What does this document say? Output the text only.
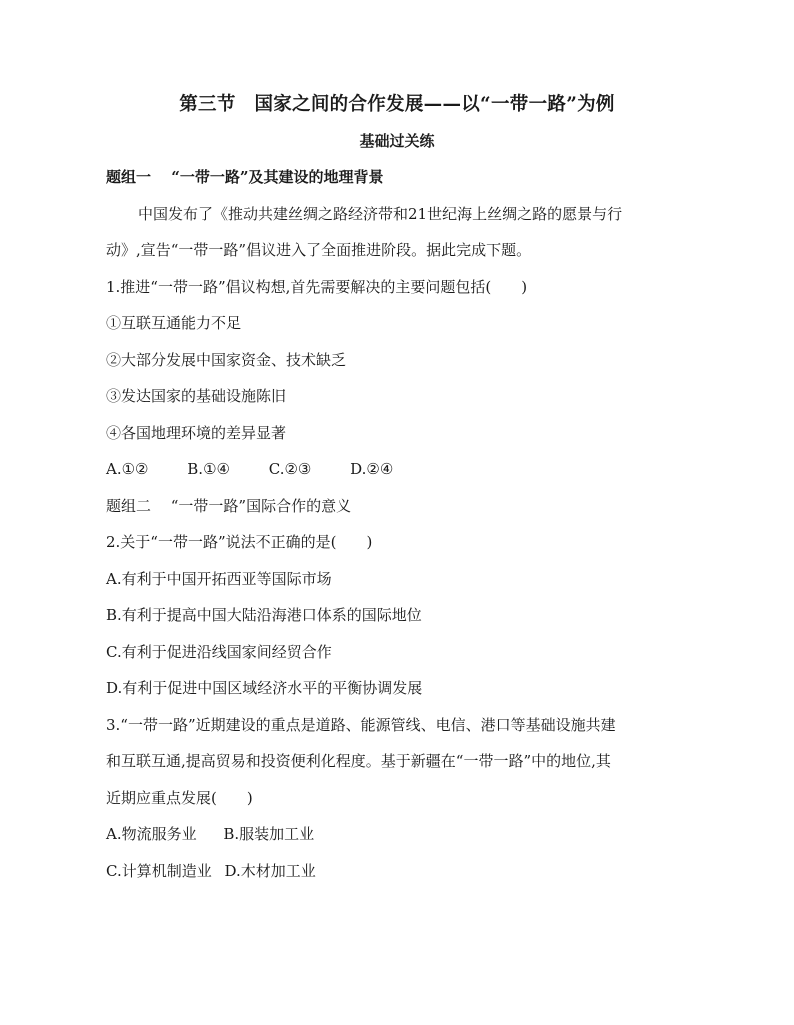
第三节　国家之间的合作发展——以“一带一路”为例
基础过关练
题组一　 “一带一路”及其建设的地理背景
中国发布了《推动共建丝绸之路经济带和21世纪海上丝绸之路的愿景与行
动》,宣告“一带一路”倡议进入了全面推进阶段。据此完成下题。
1.推进“一带一路”倡议构想,首先需要解决的主要问题包括(　　)
①互联互通能力不足
②大部分发展中国家资金、技术缺乏
③发达国家的基础设施陈旧
④各国地理环境的差异显著
A.①②	B.①④	C.②③	D.②④
题组二　 “一带一路”国际合作的意义
2.关于“一带一路”说法不正确的是(　　)
A.有利于中国开拓西亚等国际市场
B.有利于提高中国大陆沿海港口体系的国际地位
C.有利于促进沿线国家间经贸合作
D.有利于促进中国区域经济水平的平衡协调发展
3.“一带一路”近期建设的重点是道路、能源管线、电信、港口等基础设施共建
和互联互通,提高贸易和投资便利化程度。基于新疆在“一带一路”中的地位,其
近期应重点发展(　　)
A.物流服务业 B.服装加工业
C.计算机制造业 D.木材加工业
